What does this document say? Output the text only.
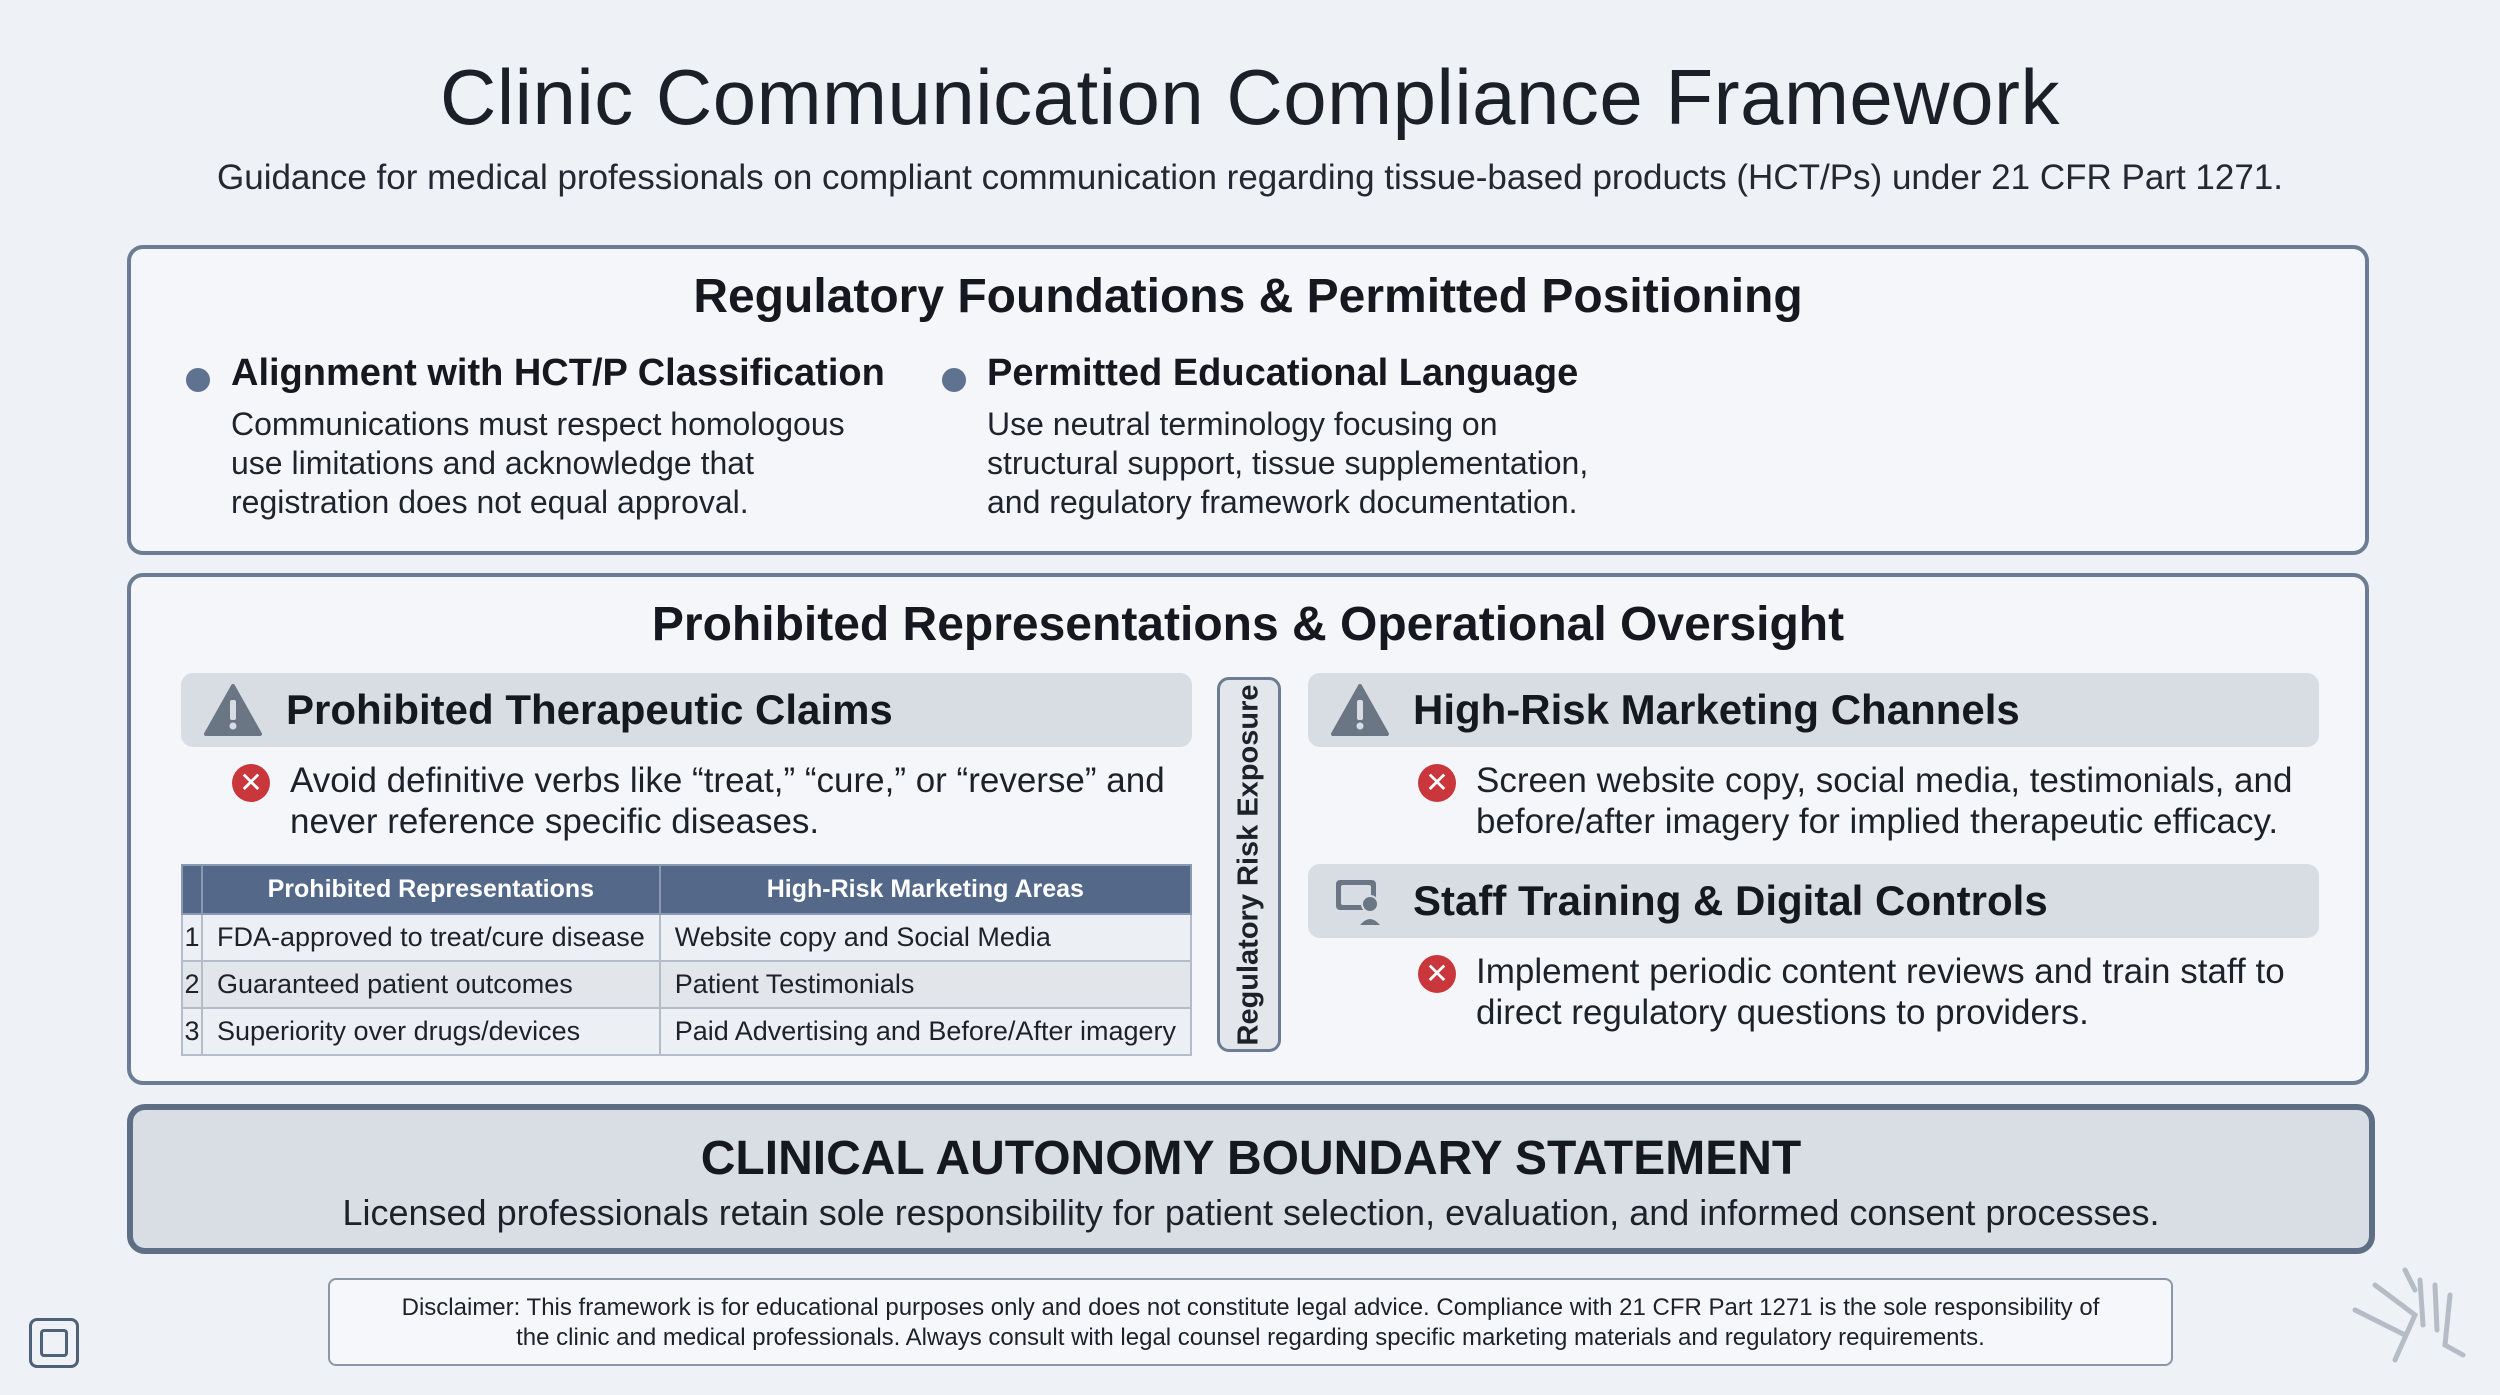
Clinic Communication Compliance Framework
Guidance for medical professionals on compliant communication regarding tissue-based products (HCT/Ps) under 21 CFR Part 1271.
Regulatory Foundations & Permitted Positioning
Alignment with HCT/P Classification
Communications must respect homologous
use limitations and acknowledge that
registration does not equal approval.
Permitted Educational Language
Use neutral terminology focusing on
structural support, tissue supplementation,
and regulatory framework documentation.
Prohibited Representations & Operational Oversight
Prohibited Therapeutic Claims
✕ Avoid definitive verbs like “treat,” “cure,” or “reverse” and
never reference specific diseases.
	Prohibited Representations	High-Risk Marketing Areas
1	FDA-approved to treat/cure disease	Website copy and Social Media
2	Guaranteed patient outcomes	Patient Testimonials
3	Superiority over drugs/devices	Paid Advertising and Before/After imagery Regulatory Risk Exposure	High-Risk Marketing Channels
✕ Screen website copy, social media, testimonials, and
before/after imagery for implied therapeutic efficacy.
Staff Training & Digital Controls
✕ Implement periodic content reviews and train staff to
direct regulatory questions to providers.
CLINICAL AUTONOMY BOUNDARY STATEMENT
Licensed professionals retain sole responsibility for patient selection, evaluation, and informed consent processes.
Disclaimer: This framework is for educational purposes only and does not constitute legal advice. Compliance with 21 CFR Part 1271 is the sole responsibility of
the clinic and medical professionals. Always consult with legal counsel regarding specific marketing materials and regulatory requirements.
